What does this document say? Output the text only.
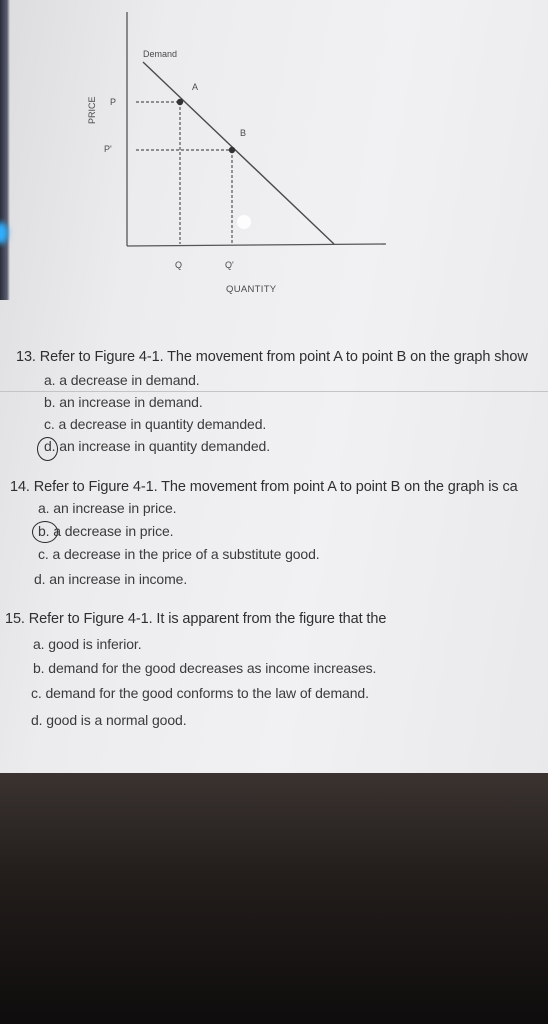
Demand
A
B
P
P'
Q	Q'
QUANTITY
PRICE
13. Refer to Figure 4-1. The movement from point A to point B on the graph show
a. a decrease in demand.
b. an increase in demand.
c. a decrease in quantity demanded.
d. an increase in quantity demanded.
14. Refer to Figure 4-1. The movement from point A to point B on the graph is ca
a. an increase in price.
b. a decrease in price.
c. a decrease in the price of a substitute good.
d. an increase in income.
15. Refer to Figure 4-1. It is apparent from the figure that the
a. good is inferior.
b. demand for the good decreases as income increases.
c. demand for the good conforms to the law of demand.
d. good is a normal good.
